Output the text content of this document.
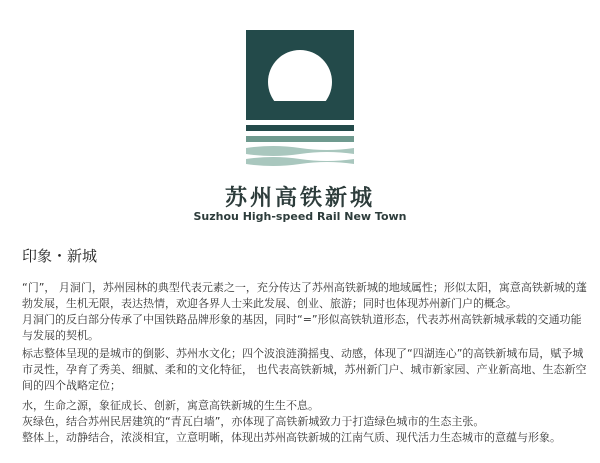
苏州高铁新城
Suzhou High-speed Rail New Town
印象・新城
“门”， 月洞门，苏州园林的典型代表元素之一，充分传达了苏州高铁新城的地域属性；形似太阳，寓意高铁新城的蓬勃发展，生机无限，表达热情，欢迎各界人士来此发展、创业、旅游；同时也体现苏州新门户的概念。
月洞门的反白部分传承了中国铁路品牌形象的基因，同时“=”形似高铁轨道形态，代表苏州高铁新城承载的交通功能与发展的契机。
标志整体呈现的是城市的倒影、苏州水文化；四个波浪涟漪摇曳、动感，体现了“四湖连心”的高铁新城布局，赋予城市灵性，孕育了秀美、细腻、柔和的文化特征， 也代表高铁新城，苏州新门户、城市新家园、产业新高地、生态新空间的四个战略定位；
水，生命之源，象征成长、创新，寓意高铁新城的生生不息。
灰绿色，结合苏州民居建筑的“青瓦白墙”，亦体现了高铁新城致力于打造绿色城市的生态主张。
整体上，动静结合，浓淡相宜，立意明晰，体现出苏州高铁新城的江南气质、现代活力生态城市的意蕴与形象。
